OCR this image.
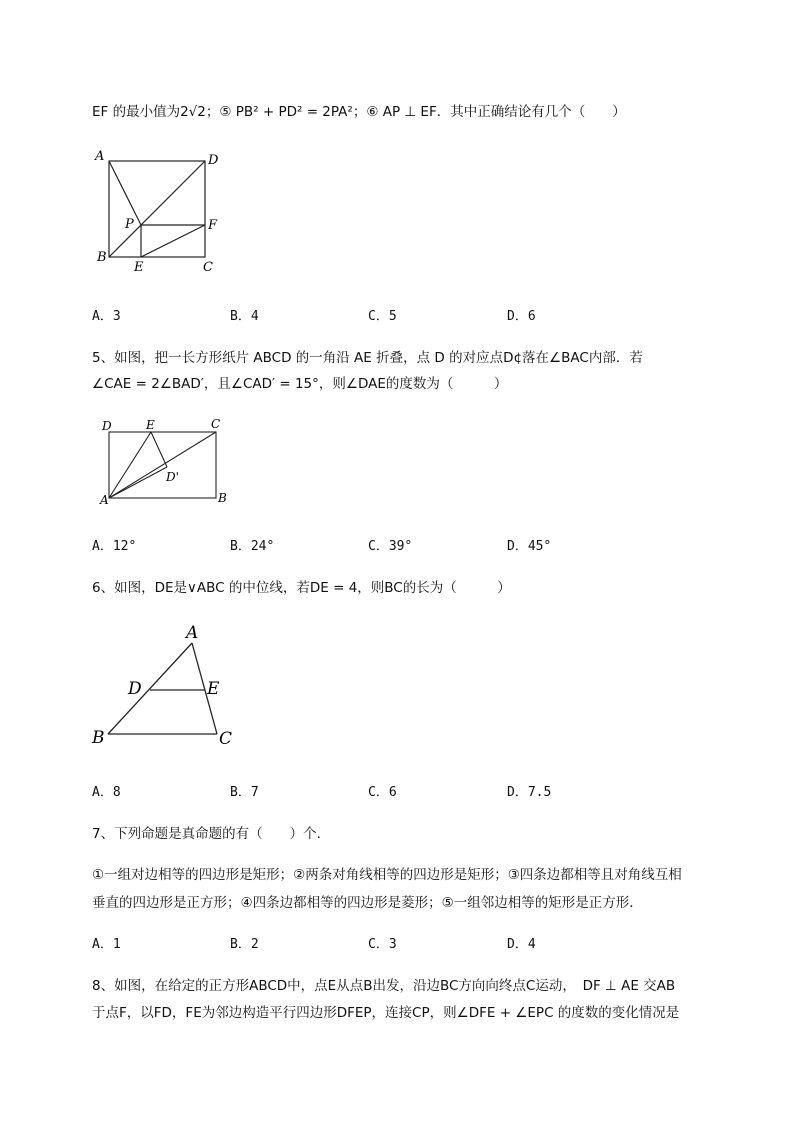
EF 的最小值为2√2；⑤ PB² + PD² = 2PA²；⑥ AP ⊥ EF．其中正确结论有几个（　　）
A	D
P	F
B
E	C
A．3	B．4	C．5	D．6
5、如图，把一长方形纸片 ABCD 的一角沿 AE 折叠，点 D 的对应点D¢落在∠BAC内部．若
∠CAE = 2∠BAD′，且∠CAD′ = 15°，则∠DAE的度数为（　　　）
D	E	C
D'
A	B
A．12°	B．24°	C．39°	D．45°
6、如图，DE是∨ABC 的中位线，若DE = 4，则BC的长为（　　　）
A
D	E
B	C
A．8	B．7	C．6	D．7.5
7、下列命题是真命题的有（　　）个．
①一组对边相等的四边形是矩形；②两条对角线相等的四边形是矩形；③四条边都相等且对角线互相
垂直的四边形是正方形；④四条边都相等的四边形是菱形；⑤一组邻边相等的矩形是正方形．
A．1	B．2	C．3	D．4
8、如图，在给定的正方形ABCD中，点E从点B出发，沿边BC方向向终点C运动，　DF ⊥ AE 交AB
于点F，以FD，FE为邻边构造平行四边形DFEP，连接CP，则∠DFE + ∠EPC 的度数的变化情况是
